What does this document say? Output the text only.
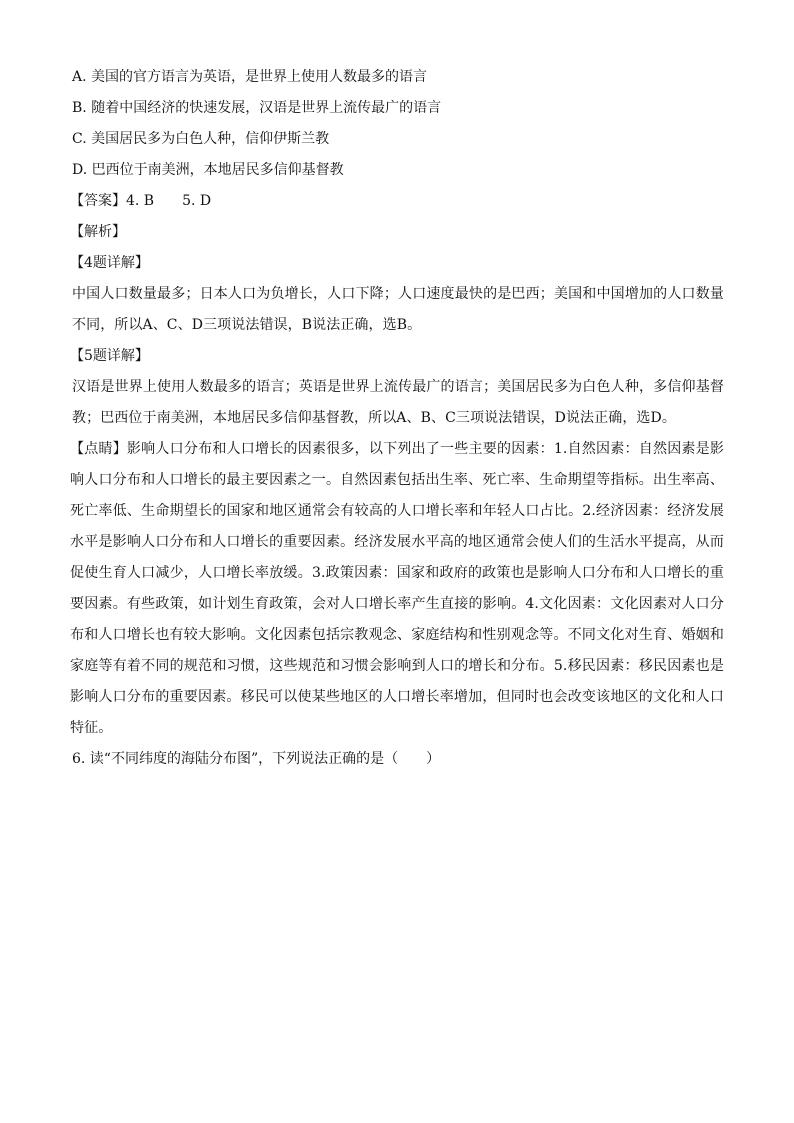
A. 美国的官方语言为英语，是世界上使用人数最多的语言

B. 随着中国经济的快速发展，汉语是世界上流传最广的语言

C. 美国居民多为白色人种，信仰伊斯兰教

D. 巴西位于南美洲，本地居民多信仰基督教

【答案】4. B　　5. D

【解析】

【4题详解】

中国人口数量最多；日本人口为负增长，人口下降；人口速度最快的是巴西；美国和中国增加的人口数量不同，所以A、C、D三项说法错误，B说法正确，选B。

【5题详解】

汉语是世界上使用人数最多的语言；英语是世界上流传最广的语言；美国居民多为白色人种，多信仰基督教；巴西位于南美洲，本地居民多信仰基督教，所以A、B、C三项说法错误，D说法正确，选D。

【点睛】影响人口分布和人口增长的因素很多，以下列出了一些主要的因素：1.自然因素：自然因素是影响人口分布和人口增长的最主要因素之一。自然因素包括出生率、死亡率、生命期望等指标。出生率高、死亡率低、生命期望长的国家和地区通常会有较高的人口增长率和年轻人口占比。2.经济因素：经济发展水平是影响人口分布和人口增长的重要因素。经济发展水平高的地区通常会使人们的生活水平提高，从而促使生育人口减少，人口增长率放缓。3.政策因素：国家和政府的政策也是影响人口分布和人口增长的重要因素。有些政策，如计划生育政策，会对人口增长率产生直接的影响。4.文化因素：文化因素对人口分布和人口增长也有较大影响。文化因素包括宗教观念、家庭结构和性别观念等。不同文化对生育、婚姻和家庭等有着不同的规范和习惯，这些规范和习惯会影响到人口的增长和分布。5.移民因素：移民因素也是影响人口分布的重要因素。移民可以使某些地区的人口增长率增加，但同时也会改变该地区的文化和人口特征。

6. 读“不同纬度的海陆分布图”，下列说法正确的是（　　）
